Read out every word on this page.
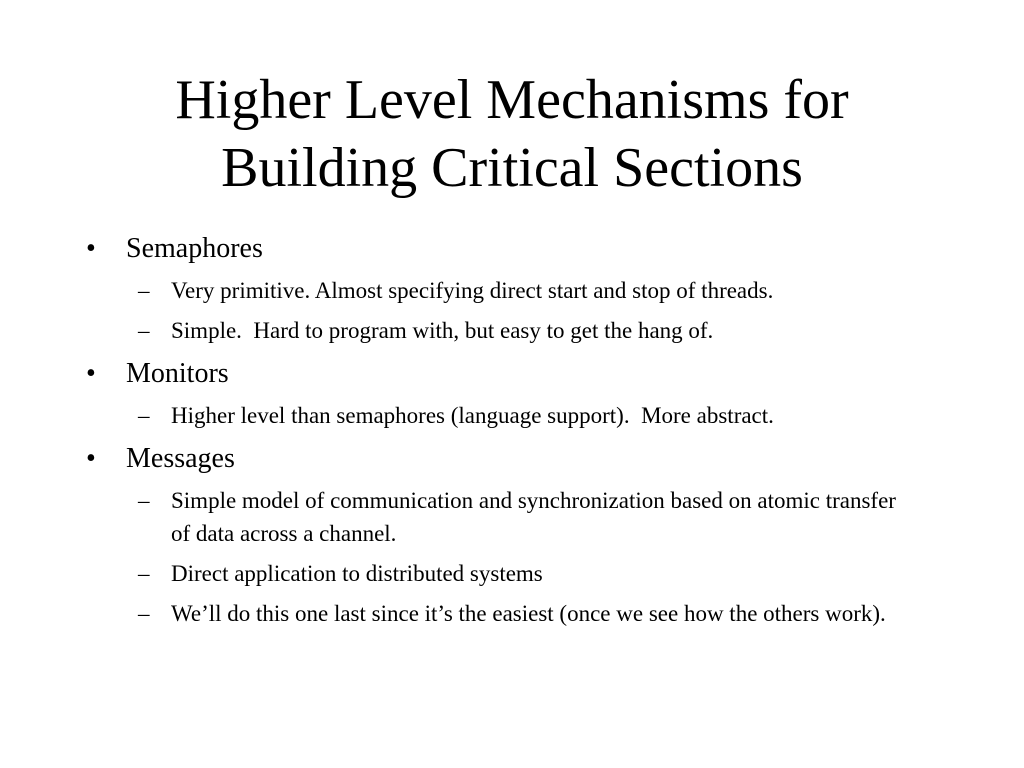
Higher Level Mechanisms for
Building Critical Sections
•	Semaphores
– Very primitive. Almost specifying direct start and stop of threads.
– Simple.  Hard to program with, but easy to get the hang of.
•	Monitors
– Higher level than semaphores (language support).  More abstract.
•	Messages
– Simple model of communication and synchronization based on atomic transfer of data across a channel.
– Direct application to distributed systems
– We’ll do this one last since it’s the easiest (once we see how the others work).
